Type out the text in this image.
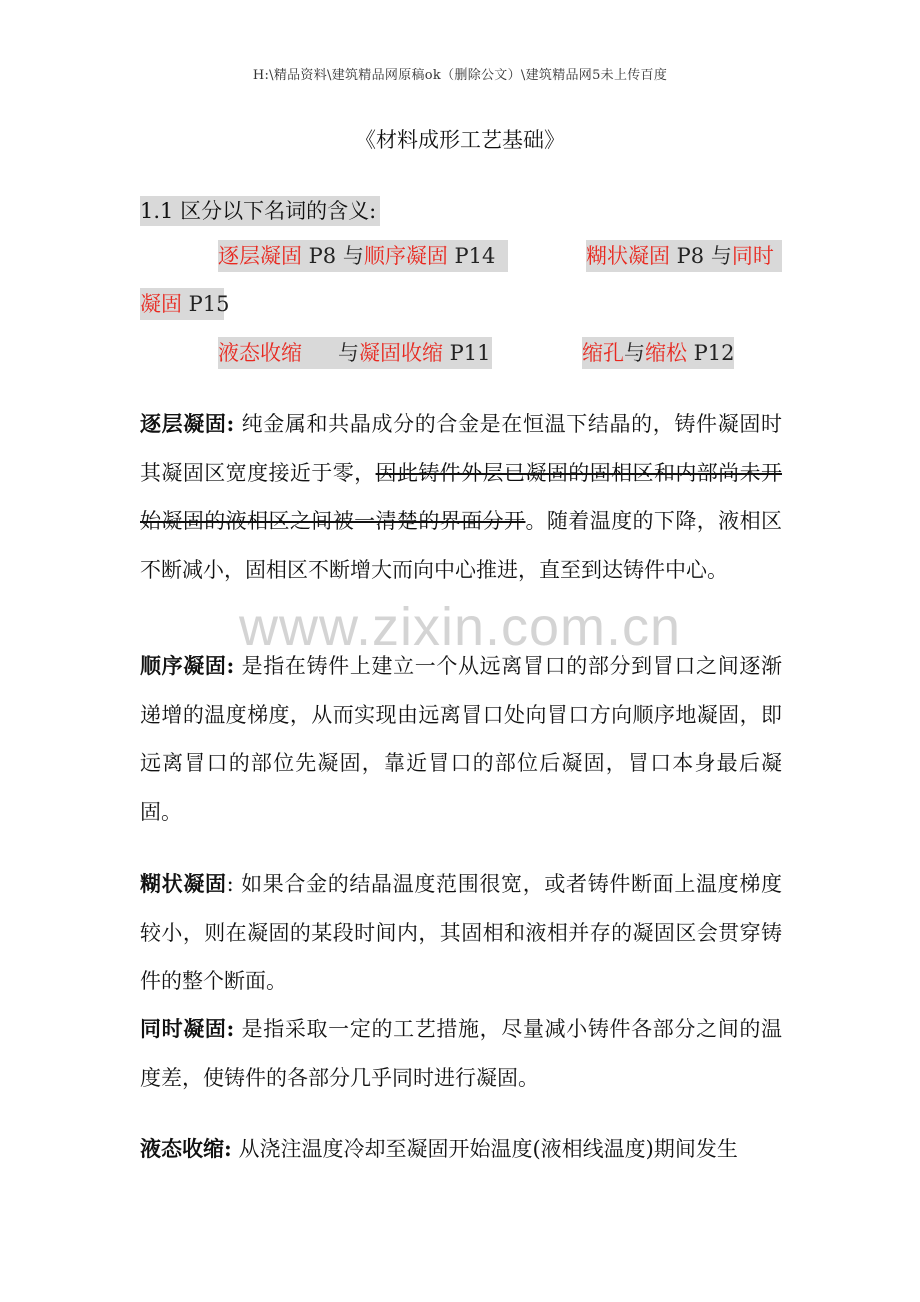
H:\精品资料\建筑精品网原稿ok（删除公文）\建筑精品网5未上传百度
《材料成形工艺基础》
1.1 区分以下名词的含义:
逐层凝固 P8 与顺序凝固 P14	糊状凝固 P8 与同时
凝固 P15
液态收缩 与凝固收缩 P11	缩孔与缩松 P12
逐层凝固: 纯金属和共晶成分的合金是在恒温下结晶的，铸件凝固时其凝固区宽度接近于零，因此铸件外层已凝固的固相区和内部尚未开始凝固的液相区之间被一清楚的界面分开。随着温度的下降，液相区不断减小，固相区不断增大而向中心推进，直至到达铸件中心。
顺序凝固: 是指在铸件上建立一个从远离冒口的部分到冒口之间逐渐递增的温度梯度，从而实现由远离冒口处向冒口方向顺序地凝固，即远离冒口的部位先凝固，靠近冒口的部位后凝固，冒口本身最后凝固。
糊状凝固: 如果合金的结晶温度范围很宽，或者铸件断面上温度梯度较小，则在凝固的某段时间内，其固相和液相并存的凝固区会贯穿铸件的整个断面。
同时凝固: 是指采取一定的工艺措施，尽量减小铸件各部分之间的温度差，使铸件的各部分几乎同时进行凝固。
液态收缩: 从浇注温度冷却至凝固开始温度(液相线温度)期间发生
www.zixin.com.cn
